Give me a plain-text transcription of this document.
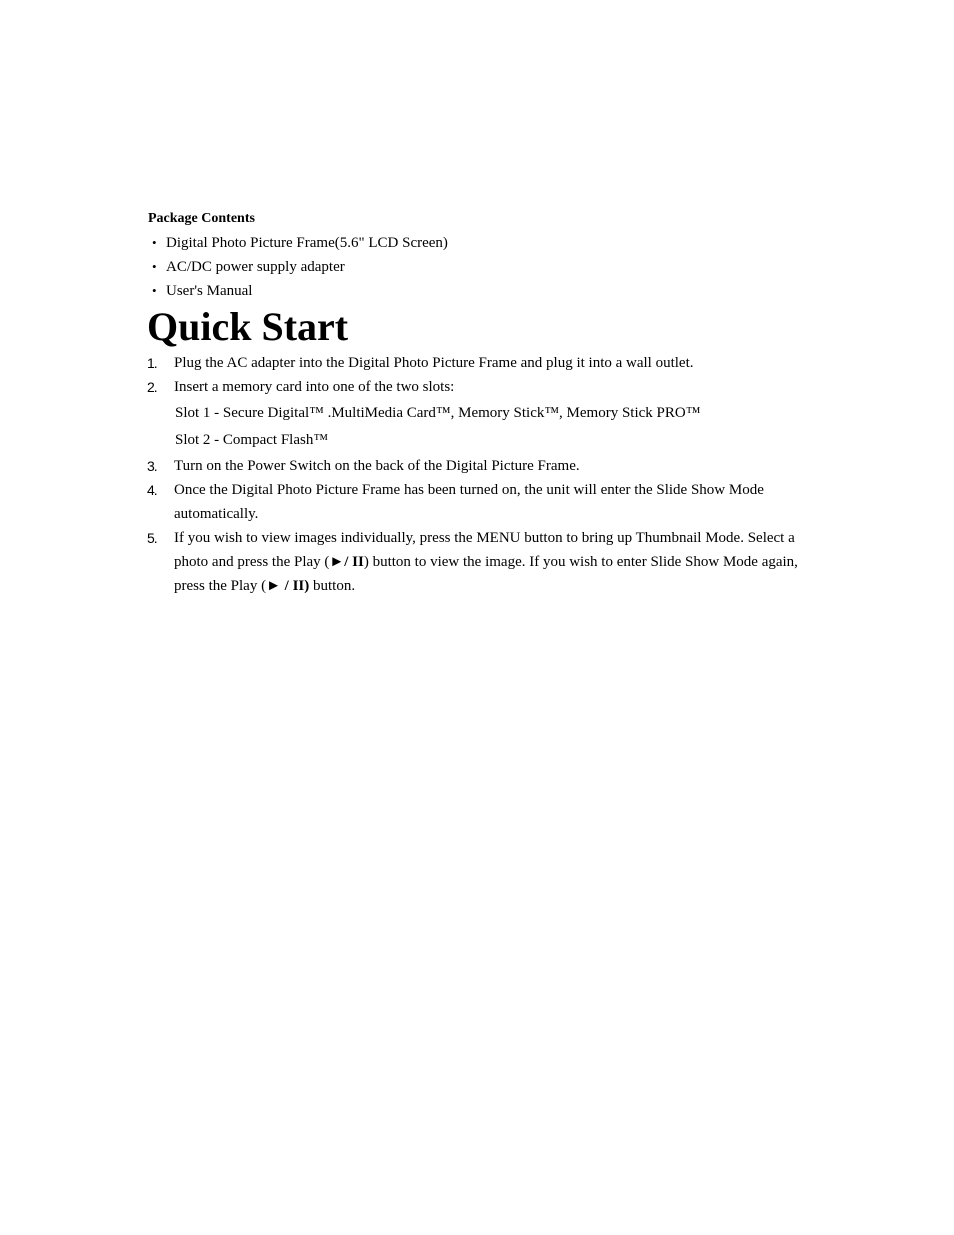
Package Contents
• Digital Photo Picture Frame(5.6" LCD Screen)
• AC/DC power supply adapter
• User's Manual
Quick Start
1. Plug the AC adapter into the Digital Photo Picture Frame and plug it into a wall outlet.
2. Insert a memory card into one of the two slots:
Slot 1 - Secure Digital™ .MultiMedia Card™, Memory Stick™, Memory Stick PRO™
Slot 2 - Compact Flash™
3. Turn on the Power Switch on the back of the Digital Picture Frame.
4. Once the Digital Photo Picture Frame has been turned on, the unit will enter the Slide Show Mode automatically.
5. If you wish to view images individually, press the MENU button to bring up Thumbnail Mode. Select a photo and press the Play (►/ II) button to view the image. If you wish to enter Slide Show Mode again, press the Play (► / II) button.
